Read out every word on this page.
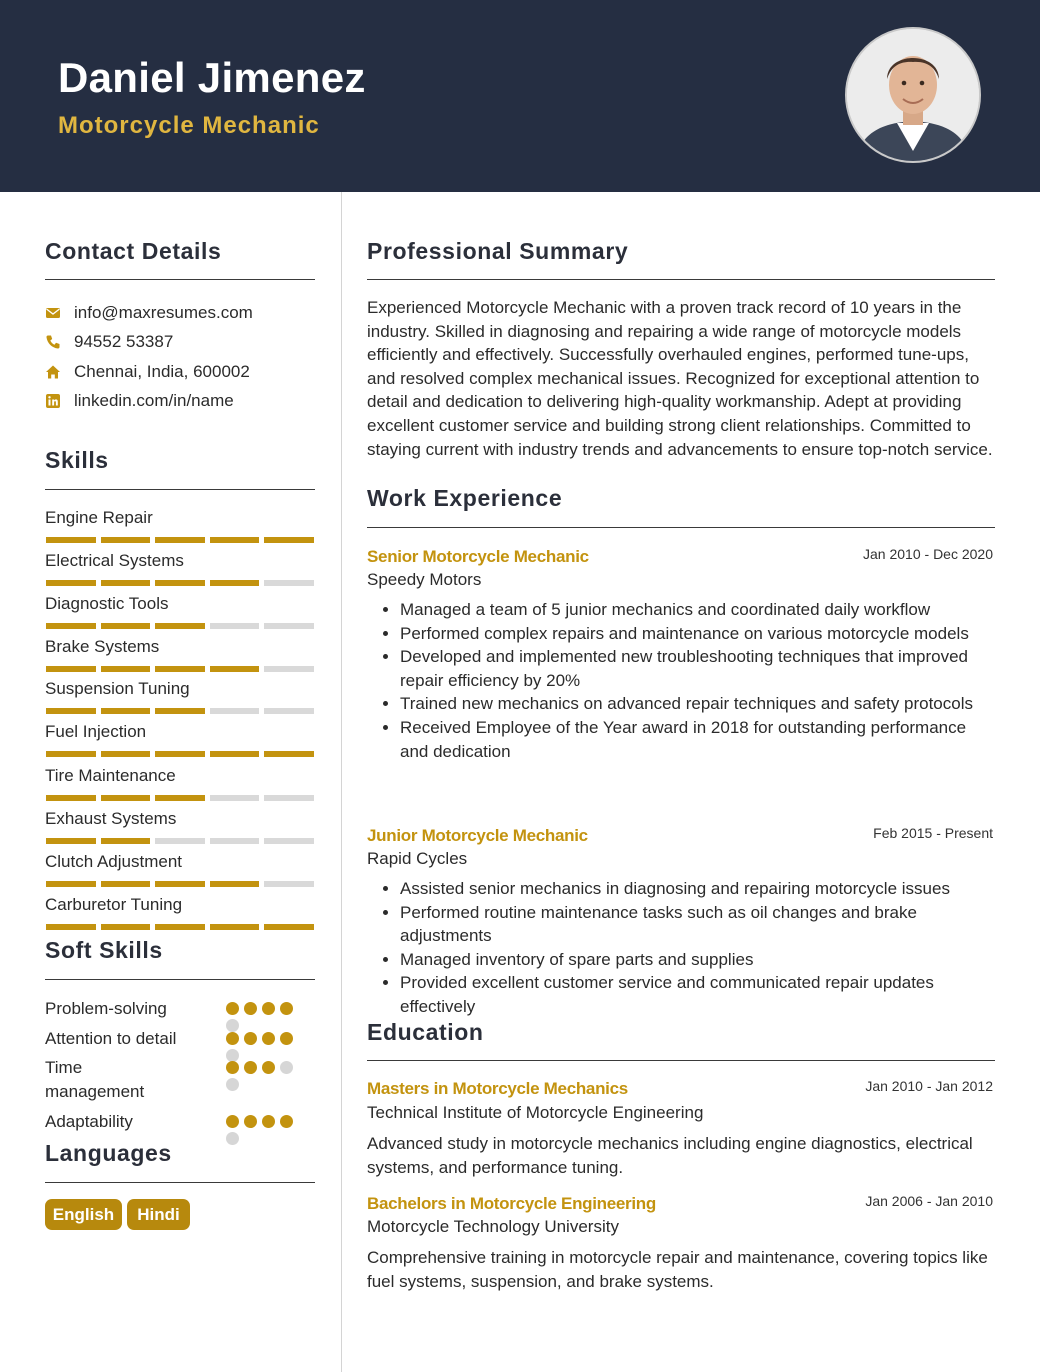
Daniel Jimenez
Motorcycle Mechanic
Contact Details
info@maxresumes.com
94552 53387
Chennai, India, 600002
linkedin.com/in/name
Skills
Engine Repair
Electrical Systems
Diagnostic Tools
Brake Systems
Suspension Tuning
Fuel Injection
Tire Maintenance
Exhaust Systems
Clutch Adjustment
Carburetor Tuning
Soft Skills
Problem-solving
Attention to detail
Time management
Adaptability
Languages
English	Hindi
Professional Summary

Experienced Motorcycle Mechanic with a proven track record of 10 years in the industry. Skilled in diagnosing and repairing a wide range of motorcycle models efficiently and effectively. Successfully overhauled engines, performed tune-ups, and resolved complex mechanical issues. Recognized for exceptional attention to detail and dedication to delivering high-quality workmanship. Adept at providing excellent customer service and building strong client relationships. Committed to staying current with industry trends and advancements to ensure top-notch service.

Work Experience
Senior Motorcycle Mechanic	Jan 2010 - Dec 2020
Speedy Motors
• Managed a team of 5 junior mechanics and coordinated daily workflow
• Performed complex repairs and maintenance on various motorcycle models
• Developed and implemented new troubleshooting techniques that improved repair efficiency by 20%
• Trained new mechanics on advanced repair techniques and safety protocols
• Received Employee of the Year award in 2018 for outstanding performance and dedication
Junior Motorcycle Mechanic	Feb 2015 - Present
Rapid Cycles
• Assisted senior mechanics in diagnosing and repairing motorcycle issues
• Performed routine maintenance tasks such as oil changes and brake adjustments
• Managed inventory of spare parts and supplies
• Provided excellent customer service and communicated repair updates effectively
Education
Masters in Motorcycle Mechanics	Jan 2010 - Jan 2012
Technical Institute of Motorcycle Engineering

Advanced study in motorcycle mechanics including engine diagnostics, electrical systems, and performance tuning.

Bachelors in Motorcycle Engineering	Jan 2006 - Jan 2010
Motorcycle Technology University

Comprehensive training in motorcycle repair and maintenance, covering topics like fuel systems, suspension, and brake systems.
